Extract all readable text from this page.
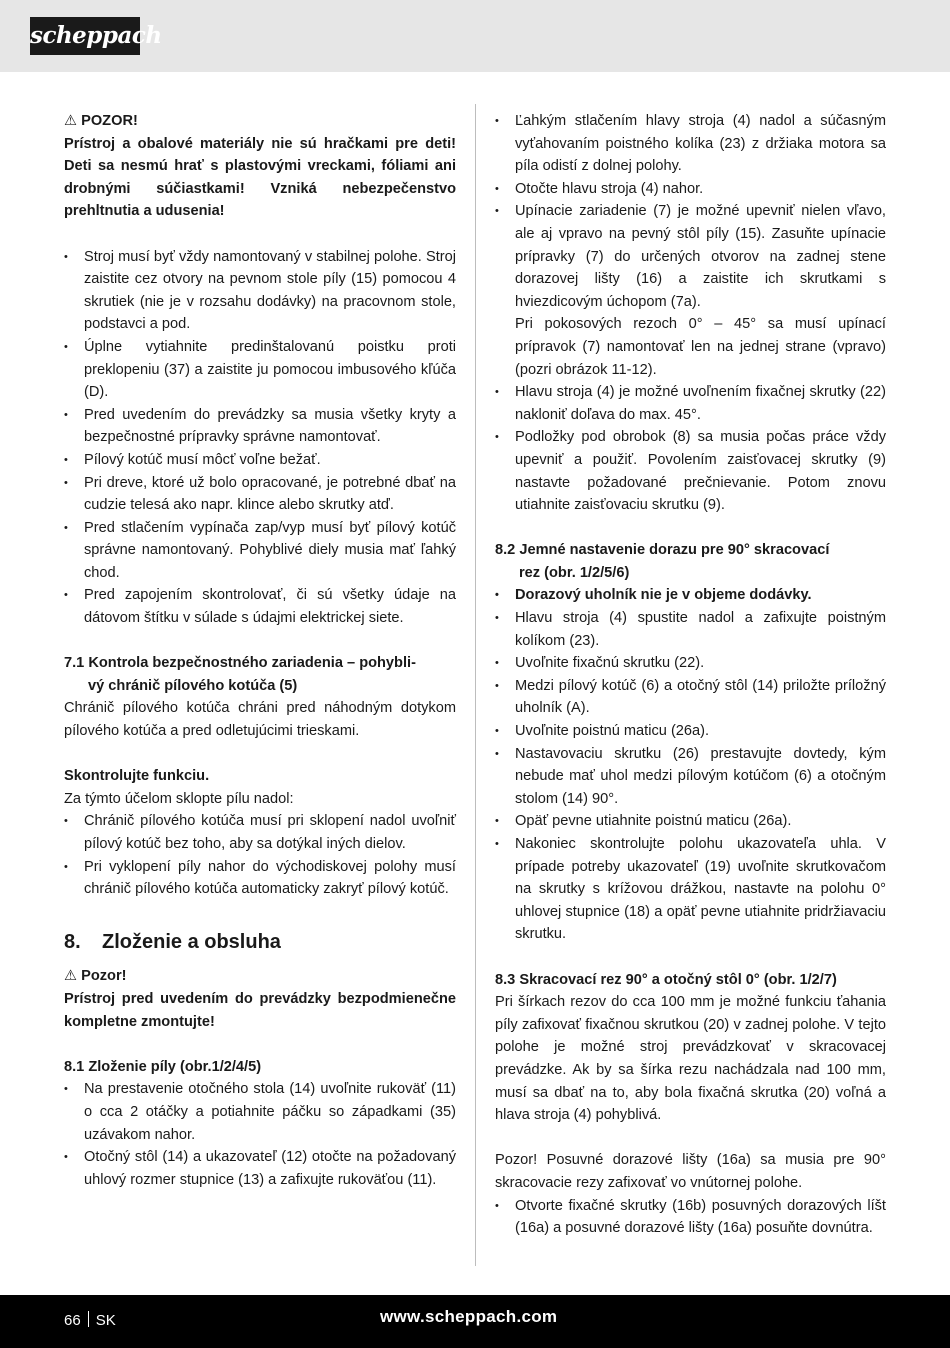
scheppach

⚠ POZOR!

Prístroj a obalové materiály nie sú hračkami pre deti! Deti sa nesmú hrať s plastovými vreckami, fóliami ani drobnými súčiastkami! Vzniká nebezpečenstvo prehltnutia a udusenia!

• Stroj musí byť vždy namontovaný v stabilnej polohe. Stroj zaistite cez otvory na pevnom stole píly (15) pomocou 4 skrutiek (nie je v rozsahu dodávky) na pracovnom stole, podstavci a pod.
• Úplne vytiahnite predinštalovanú poistku proti preklopeniu (37) a zaistite ju pomocou imbusového kľúča (D).
• Pred uvedením do prevádzky sa musia všetky kryty a bezpečnostné prípravky správne namontovať.
• Pílový kotúč musí môcť voľne bežať.
• Pri dreve, ktoré už bolo opracované, je potrebné dbať na cudzie telesá ako napr. klince alebo skrutky atď.
• Pred stlačením vypínača zap/vyp musí byť pílový kotúč správne namontovaný. Pohyblivé diely musia mať ľahký chod.
• Pred zapojením skontrolovať, či sú všetky údaje na dátovom štítku v súlade s údajmi elektrickej siete.

7.1 Kontrola bezpečnostného zariadenia – pohybli-
vý chránič pílového kotúča (5)

Chránič pílového kotúča chráni pred náhodným dotykom pílového kotúča a pred odletujúcimi trieskami.

Skontrolujte funkciu.

Za týmto účelom sklopte pílu nadol:

• Chránič pílového kotúča musí pri sklopení nadol uvoľniť pílový kotúč bez toho, aby sa dotýkal iných dielov.
• Pri vyklopení píly nahor do východiskovej polohy musí chránič pílového kotúča automaticky zakryť pílový kotúč.

8. Zloženie a obsluha

⚠ Pozor!

Prístroj pred uvedením do prevádzky bezpodmienečne kompletne zmontujte!

8.1 Zloženie píly (obr.1/2/4/5)

• Na prestavenie otočného stola (14) uvoľnite rukoväť (11) o cca 2 otáčky a potiahnite páčku so západkami (35) uzávakom nahor.
• Otočný stôl (14) a ukazovateľ (12) otočte na požadovaný uhlový rozmer stupnice (13) a zafixujte rukoväťou (11).
• Ľahkým stlačením hlavy stroja (4) nadol a súčasným vyťahovaním poistného kolíka (23) z držiaka motora sa píla odistí z dolnej polohy.
• Otočte hlavu stroja (4) nahor.
• Upínacie zariadenie (7) je možné upevniť nielen vľavo, ale aj vpravo na pevný stôl píly (15). Zasuňte upínacie prípravky (7) do určených otvorov na zadnej stene dorazovej lišty (16) a zaistite ich skrutkami s hviezdicovým úchopom (7a).
Pri pokosových rezoch 0° – 45° sa musí upínací prípravok (7) namontovať len na jednej strane (vpravo) (pozri obrázok 11-12).
• Hlavu stroja (4) je možné uvoľnením fixačnej skrutky (22) nakloniť doľava do max. 45°.
• Podložky pod obrobok (8) sa musia počas práce vždy upevniť a použiť. Povolením zaisťovacej skrutky (9) nastavte požadované prečnievanie. Potom znovu utiahnite zaisťovaciu skrutku (9).

8.2 Jemné nastavenie dorazu pre 90° skracovací
rez (obr. 1/2/5/6)

• Dorazový uholník nie je v objeme dodávky.
• Hlavu stroja (4) spustite nadol a zafixujte poistným kolíkom (23).
• Uvoľnite fixačnú skrutku (22).
• Medzi pílový kotúč (6) a otočný stôl (14) priložte príložný uholník (A).
• Uvoľnite poistnú maticu (26a).
• Nastavovaciu skrutku (26) prestavujte dovtedy, kým nebude mať uhol medzi pílovým kotúčom (6) a otočným stolom (14) 90°.
• Opäť pevne utiahnite poistnú maticu (26a).
• Nakoniec skontrolujte polohu ukazovateľa uhla. V prípade potreby ukazovateľ (19) uvoľnite skrutkovačom na skrutky s krížovou drážkou, nastavte na polohu 0° uhlovej stupnice (18) a opäť pevne utiahnite pridržiavaciu skrutku.

8.3 Skracovací rez 90° a otočný stôl 0° (obr. 1/2/7)

Pri šírkach rezov do cca 100 mm je možné funkciu ťahania píly zafixovať fixačnou skrutkou (20) v zadnej polohe. V tejto polohe je možné stroj prevádzkovať v skracovacej prevádzke. Ak by sa šírka rezu nachádzala nad 100 mm, musí sa dbať na to, aby bola fixačná skrutka (20) voľná a hlava stroja (4) pohyblivá.

Pozor! Posuvné dorazové lišty (16a) sa musia pre 90° skracovacie rezy zafixovať vo vnútornej polohe.

• Otvorte fixačné skrutky (16b) posuvných dorazových líšt (16a) a posuvné dorazové lišty (16a) posuňte dovnútra.
66 SK	www.scheppach.com
